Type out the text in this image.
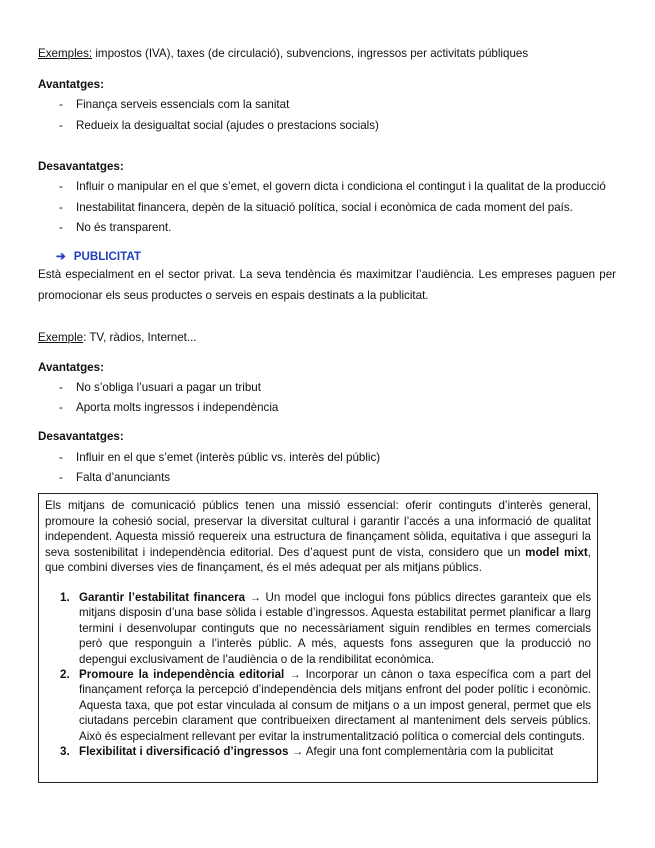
Exemples: impostos (IVA), taxes (de circulació), subvencions, ingressos per activitats públiques
Avantatges:
- Finança serveis essencials com la sanitat
- Redueix la desigualtat social (ajudes o prestacions socials)
Desavantatges:
- Influir o manipular en el que s’emet, el govern dicta i condiciona el contingut i la qualitat de la producció
- Inestabilitat financera, depèn de la situació política, social i econòmica de cada moment del país.
- No és transparent.
➔ PUBLICITAT
Està especialment en el sector privat. La seva tendència és maximitzar l’audiència. Les empreses paguen per promocionar els seus productes o serveis en espais destinats a la publicitat.
Exemple: TV, ràdios, Internet...
Avantatges:
- No s’obliga l’usuari a pagar un tribut
- Aporta molts ingressos i independència
Desavantatges:
- Influir en el que s’emet (interès públic vs. interès del públic)
- Falta d’anunciants
Els mitjans de comunicació públics tenen una missió essencial: oferir continguts d’interès general, promoure la cohesió social, preservar la diversitat cultural i garantir l’accés a una informació de qualitat independent. Aquesta missió requereix una estructura de finançament sòlida, equitativa i que asseguri la seva sostenibilitat i independència editorial. Des d’aquest punt de vista, considero que un model mixt, que combini diverses vies de finançament, és el més adequat per als mitjans públics.
1. Garantir l’estabilitat financera → Un model que inclogui fons públics directes garanteix que els mitjans disposin d’una base sòlida i estable d’ingressos. Aquesta estabilitat permet planificar a llarg termini i desenvolupar continguts que no necessàriament siguin rendibles en termes comercials però que responguin a l’interès públic. A més, aquests fons asseguren que la producció no depengui exclusivament de l’audiència o de la rendibilitat econòmica.
2. Promoure la independència editorial → Incorporar un cànon o taxa específica com a part del finançament reforça la percepció d’independència dels mitjans enfront del poder polític i econòmic. Aquesta taxa, que pot estar vinculada al consum de mitjans o a un impost general, permet que els ciutadans percebin clarament que contribueixen directament al manteniment dels serveis públics. Això és especialment rellevant per evitar la instrumentalització política o comercial dels continguts.
3. Flexibilitat i diversificació d’ingressos → Afegir una font complementària com la publicitat
